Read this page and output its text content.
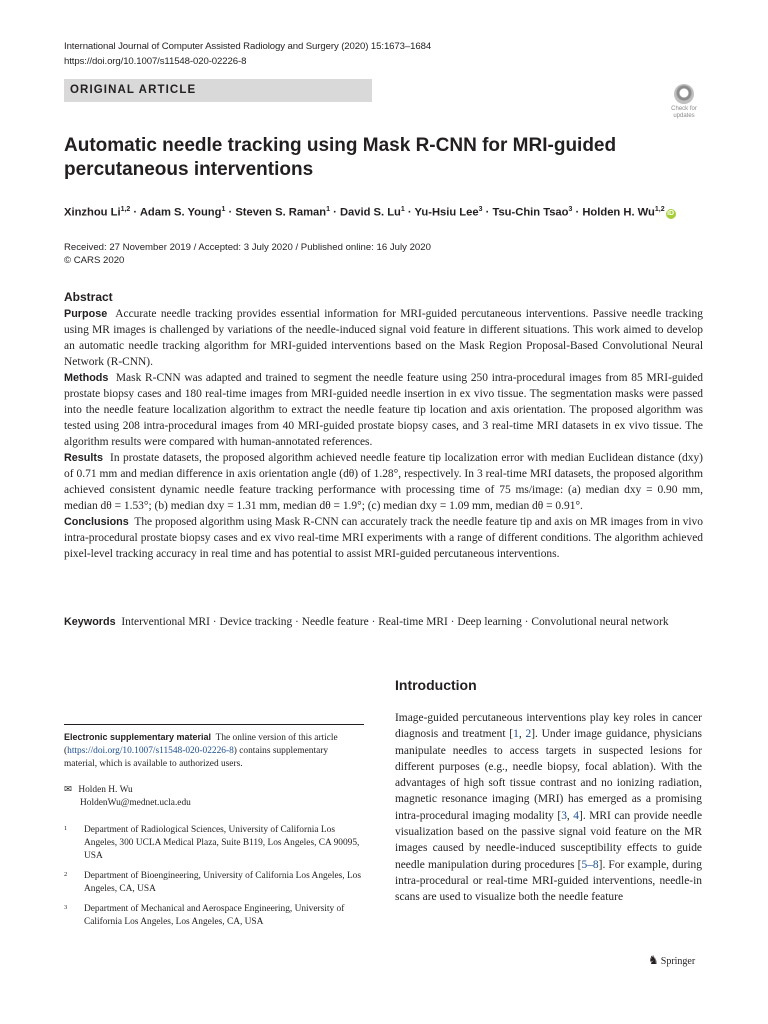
International Journal of Computer Assisted Radiology and Surgery (2020) 15:1673–1684
https://doi.org/10.1007/s11548-020-02226-8
ORIGINAL ARTICLE
Check for
updates
Automatic needle tracking using Mask R-CNN for MRI-guided percutaneous interventions
Xinzhou Li$^{1,2}$ · Adam S. Young$^1$ · Steven S. Raman$^1$ · David S. $Lu^1$ · Yu-Hsiu Lee$^3$ · Tsu-Chin Tsao$^3$ · Holden H. Wu$^{1,2}$iD
Received: 27 November 2019 / Accepted: 3 July 2020 / Published online: 16 July 2020
© CARS 2020
Abstract

Purpose Accurate needle tracking provides essential information for MRI-guided percutaneous interventions. Passive needle tracking using MR images is challenged by variations of the needle-induced signal void feature in different situations. This work aimed to develop an automatic needle tracking algorithm for MRI-guided interventions based on the Mask Region Proposal-Based Convolutional Neural Network (R-CNN).

Methods Mask R-CNN was adapted and trained to segment the needle feature using 250 intra-procedural images from 85 MRI-guided prostate biopsy cases and 180 real-time images from MRI-guided needle insertion in ex vivo tissue. The segmentation masks were passed into the needle feature localization algorithm to extract the needle feature tip location and axis orientation. The proposed algorithm was tested using 208 intra-procedural images from 40 MRI-guided prostate biopsy cases, and 3 real-time MRI datasets in ex vivo tissue. The algorithm results were compared with human-annotated references.

Results In prostate datasets, the proposed algorithm achieved needle feature tip localization error with median Euclidean distance (dxy) of 0.71 mm and median difference in axis orientation angle (dθ) of 1.28°, respectively. In 3 real-time MRI datasets, the proposed algorithm achieved consistent dynamic needle feature tracking performance with processing time of 75 ms/image: (a) median dxy = 0.90 mm, median dθ = 1.53°; (b) median dxy = 1.31 mm, median dθ = 1.9°; (c) median dxy = 1.09 mm, median dθ = 0.91°.

Conclusions The proposed algorithm using Mask R-CNN can accurately track the needle feature tip and axis on MR images from in vivo intra-procedural prostate biopsy cases and ex vivo real-time MRI experiments with a range of different conditions. The algorithm achieved pixel-level tracking accuracy in real time and has potential to assist MRI-guided percutaneous interventions.

Keywords Interventional MRI · Device tracking · Needle feature · Real-time MRI · Deep learning · Convolutional neural network
Electronic supplementary material The online version of this article (https://doi.org/10.1007/s11548-020-02226-8) contains supplementary material, which is available to authorized users.
✉ Holden H. Wu
HoldenWu@mednet.ucla.edu
1 Department of Radiological Sciences, University of California Los Angeles, 300 UCLA Medical Plaza, Suite B119, Los Angeles, CA 90095, USA
2 Department of Bioengineering, University of California Los Angeles, Los Angeles, CA, USA
3 Department of Mechanical and Aerospace Engineering, University of California Los Angeles, Los Angeles, CA, USA
Introduction
Image-guided percutaneous interventions play key roles in cancer diagnosis and treatment [1, 2]. Under image guidance, physicians manipulate needles to access targets in suspected lesions for different purposes (e.g., needle biopsy, focal ablation). With the advantages of high soft tissue contrast and no ionizing radiation, magnetic resonance imaging (MRI) has emerged as a promising intra-procedural imaging modality [3, 4]. MRI can provide needle visualization based on the passive signal void feature on the MR images caused by needle-induced susceptibility effects to guide needle manipulation during procedures [5–8]. For example, during intra-procedural or real-time MRI-guided interventions, needle-in scans are used to visualize both the needle feature
♞ Springer
